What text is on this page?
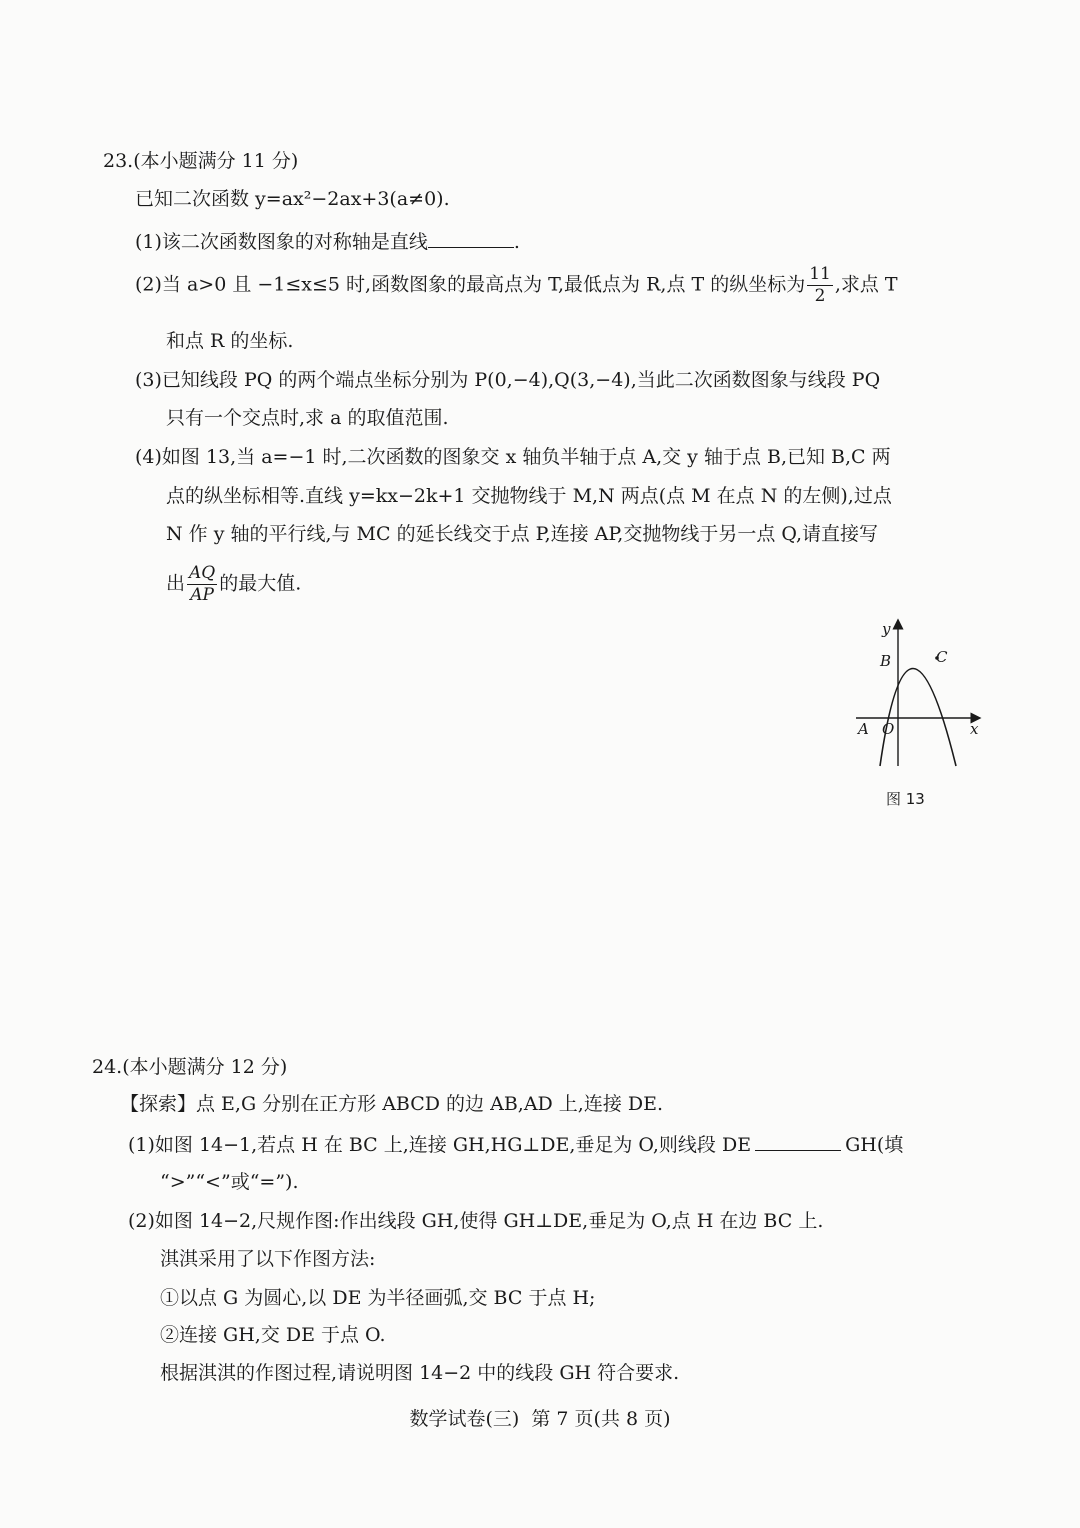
23.(本小题满分 11 分)
已知二次函数 y=ax²−2ax+3(a≠0).
(1)该二次函数图象的对称轴是直线	.
(2)当 a>0 且 −1≤x≤5 时,函数图象的最高点为 T,最低点为 R,点 T 的纵坐标为 $\frac{11}{2}$ ,求点 T
和点 R 的坐标.
(3)已知线段 PQ 的两个端点坐标分别为 P(0,−4),Q(3,−4),当此二次函数图象与线段 PQ
只有一个交点时,求 a 的取值范围.
(4)如图 13,当 a=−1 时,二次函数的图象交 x 轴负半轴于点 A,交 y 轴于点 B,已知 B,C 两
点的纵坐标相等.直线 y=kx−2k+1 交抛物线于 M,N 两点(点 M 在点 N 的左侧),过点
N 作 y 轴的平行线,与 MC 的延长线交于点 P,连接 AP,交抛物线于另一点 Q,请直接写
出 $\frac{AQ}{AP}$ 的最大值.
y
x
B	C
A O
图 13
24.(本小题满分 12 分)
【探索】点 E,G 分别在正方形 ABCD 的边 AB,AD 上,连接 DE.
(1)如图 14−1,若点 H 在 BC 上,连接 GH,HG⊥DE,垂足为 O,则线段 DE	GH(填
“>”“<”或“=”).
(2)如图 14−2,尺规作图:作出线段 GH,使得 GH⊥DE,垂足为 O,点 H 在边 BC 上.
淇淇采用了以下作图方法:
①以点 G 为圆心,以 DE 为半径画弧,交 BC 于点 H;
②连接 GH,交 DE 于点 O.
根据淇淇的作图过程,请说明图 14−2 中的线段 GH 符合要求.
数学试卷(三)  第 7 页(共 8 页)
